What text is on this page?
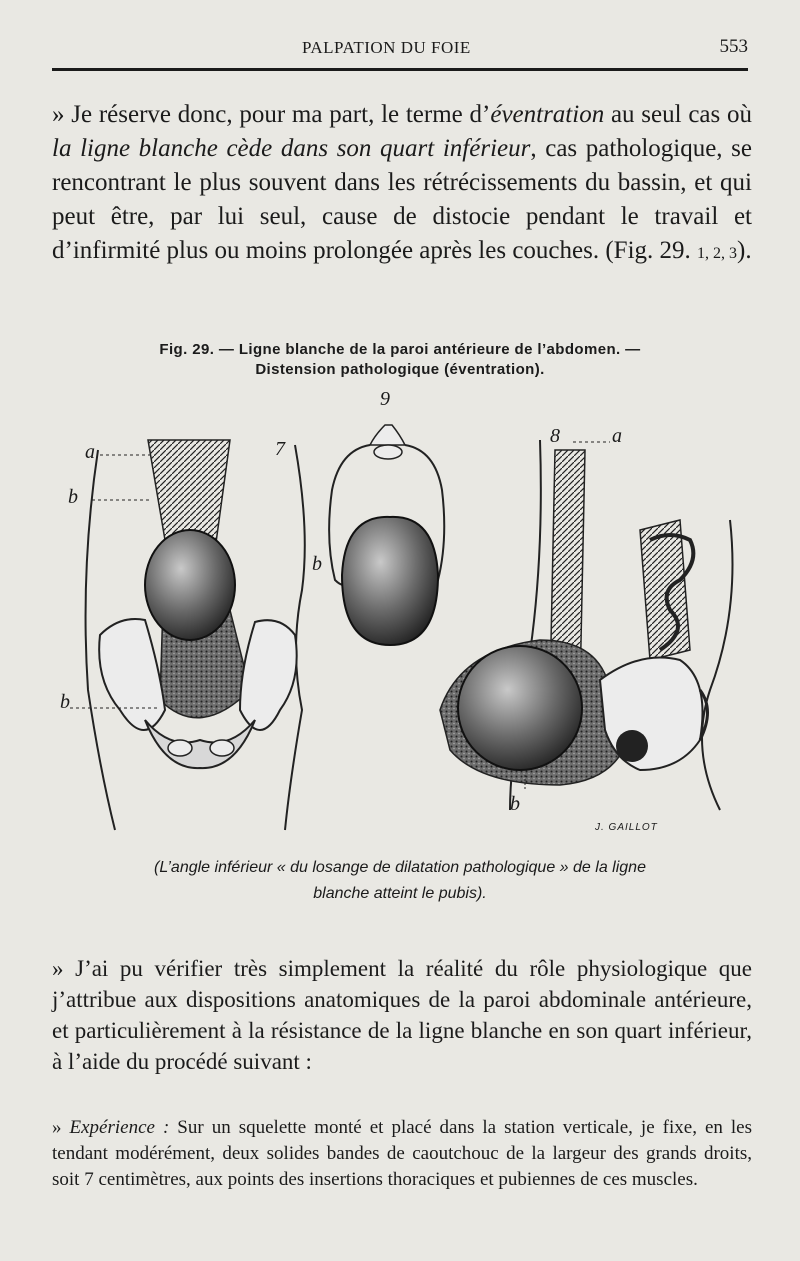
PALPATION DU FOIE	553

» Je réserve donc, pour ma part, le terme d’éventration au seul cas où la ligne blanche cède dans son quart inférieur, cas pathologique, se rencontrant le plus souvent dans les rétrécissements du bassin, et qui peut être, par lui seul, cause de distocie pendant le travail et d’infirmité plus ou moins prolongée après les couches. (Fig. 29. 1, 2, 3).

Fig. 29. — Ligne blanche de la paroi antérieure de l’abdomen. —
Distension pathologique (éventration).
a
b
b
7
9
b
8	a
b
J. GAILLOT
(L’angle inférieur « du losange de dilatation pathologique » de la ligne
blanche atteint le pubis).

» J’ai pu vérifier très simplement la réalité du rôle physiologique que j’attribue aux dispositions anatomiques de la paroi abdominale antérieure, et particulièrement à la résistance de la ligne blanche en son quart inférieur, à l’aide du procédé suivant :

» Expérience : Sur un squelette monté et placé dans la station verticale, je fixe, en les tendant modérément, deux solides bandes de caoutchouc de la largeur des grands droits, soit 7 centimètres, aux points des insertions thoraciques et pubiennes de ces muscles.
